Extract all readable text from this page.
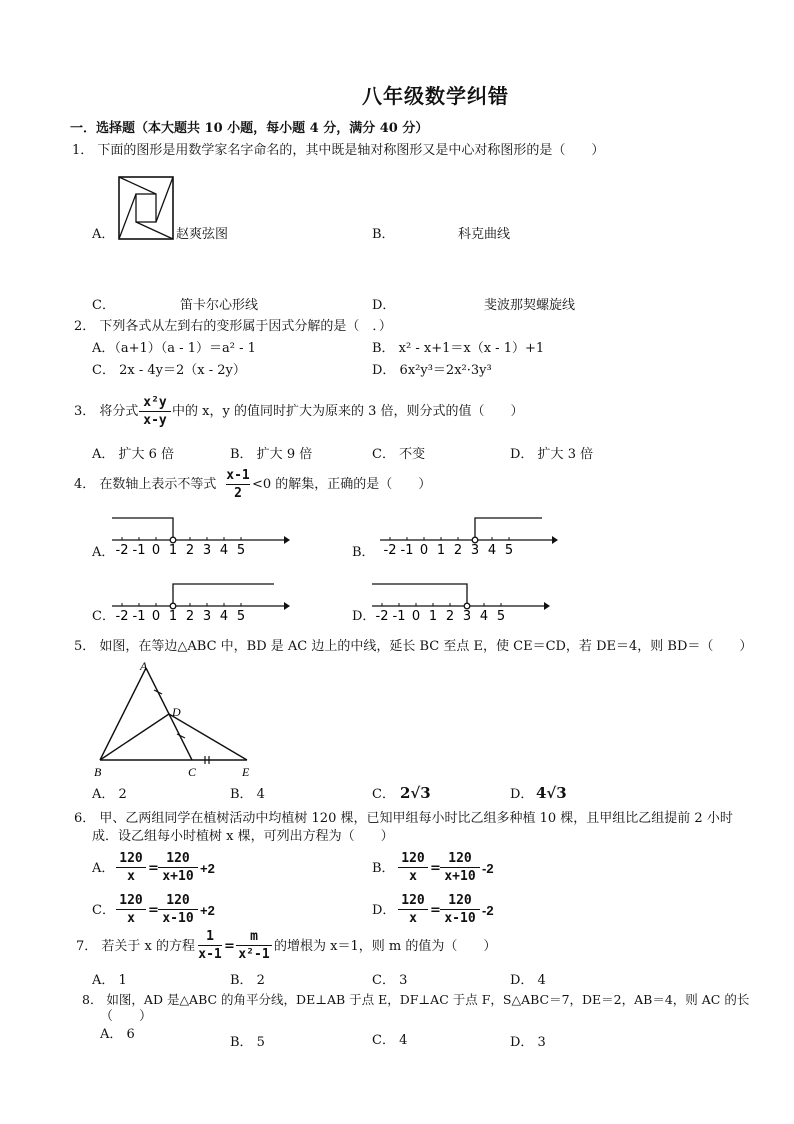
八年级数学纠错
一．选择题（本大题共 10 小题，每小题 4 分，满分 40 分）
1． 下面的图形是用数学家名字命名的，其中既是轴对称图形又是中心对称图形的是（　　）
A．	赵爽弦图	B．	科克曲线
C．	笛卡尔心形线	D．	斐波那契螺旋线
2． 下列各式从左到右的变形属于因式分解的是（　．）
A．（a+1）（a - 1）＝a² - 1	B． x² - x+1＝x（x - 1）+1
C． 2x - 4y＝2（x - 2y）	D． 6x²y³＝2x²·3y³
3． 将分式
x²y
x-y
中的 x，y 的值同时扩大为原来的 3 倍，则分式的值（　　）
A． 扩大 6 倍	B． 扩大 9 倍	C． 不变	D． 扩大 3 倍
4． 在数轴上表示不等式
x-1
2
<0 的解集，正确的是（　　）
A．	B．
C．	D．
-2 -1 0 1 2 3 4 5	-2 -1 0 1 2 3 4 5
-2 -1 0 1 2 3 4 5	-2 -1 0 1 2 3 4 5
5． 如图，在等边△ABC 中，BD 是 AC 边上的中线，延长 BC 至点 E，使 CE＝CD，若 DE＝4，则 BD＝（　　）
A
D
B	C	E
A． 2	B． 4	C． 2√3	D． 4√3
6． 甲、乙两组同学在植树活动中均植树 120 棵，已知甲组每小时比乙组多种植 10 棵，且甲组比乙组提前 2 小时
成．设乙组每小时植树 x 棵，可列出方程为（　　）
A．
120
x
=
120
x+10
+2	B．
120
x
=
120
x+10
-2
C．
120
x
=
120
x-10
+2	D．
120
x
=
120
x-10
-2
7． 若关于 x 的方程
1
x-1
=
m
x²-1
的增根为 x＝1，则 m 的值为（　　）
A． 1	B． 2	C． 3	D． 4
8． 如图，AD 是△ABC 的角平分线，DE⊥AB 于点 E，DF⊥AC 于点 F，S△ABC＝7，DE＝2，AB＝4，则 AC 的长
（　　）
A． 6
B． 5	C． 4	D． 3
